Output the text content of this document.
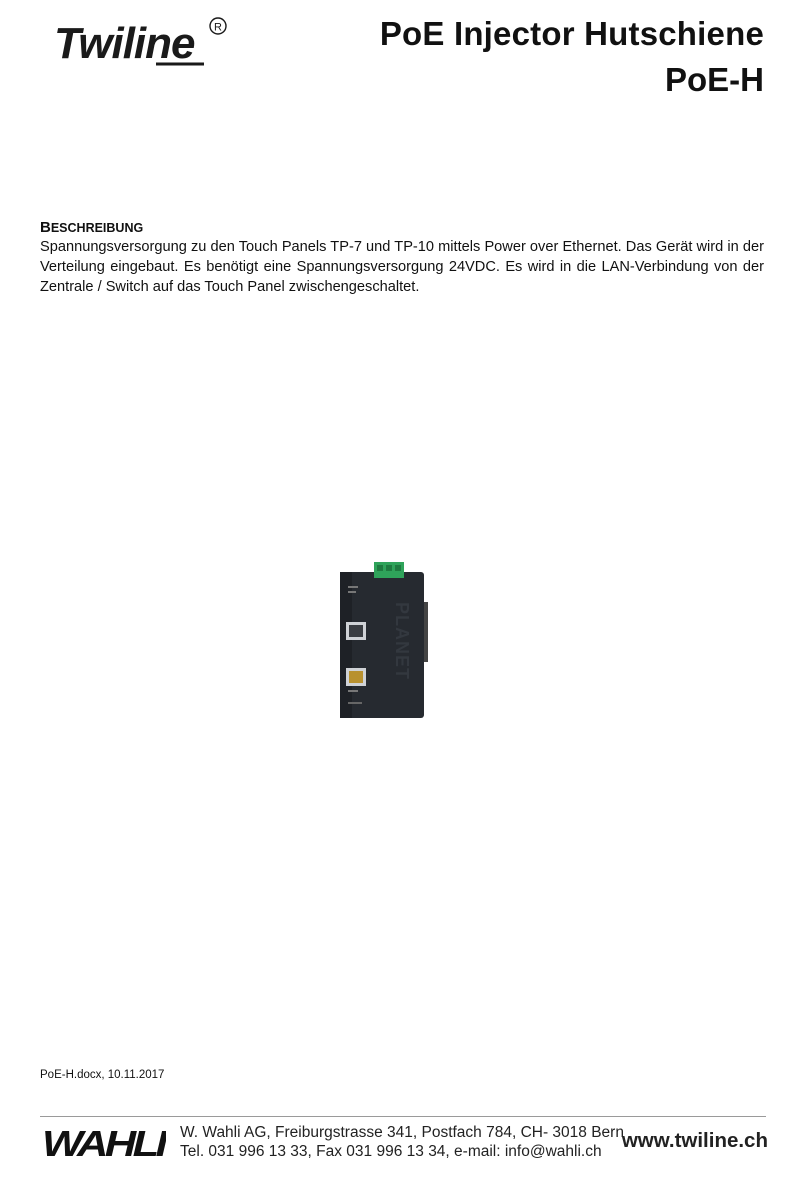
Twiline R	PoE Injector Hutschiene
PoE-H
BESCHREIBUNG

Spannungsversorgung zu den Touch Panels TP-7 und TP-10 mittels Power over Ethernet. Das Gerät wird in der Verteilung eingebaut. Es benötigt eine Spannungsversorgung 24VDC. Es wird in die LAN-Verbindung von der Zentrale / Switch auf das Touch Panel zwischengeschaltet.

PLANET
PoE-H.docx, 10.11.2017
WAHLI W. Wahli AG, Freiburgstrasse 341, Postfach 784, CH- 3018 Bern
Tel. 031 996 13 33, Fax 031 996 13 34, e-mail: info@wahli.ch www.twiline.ch
